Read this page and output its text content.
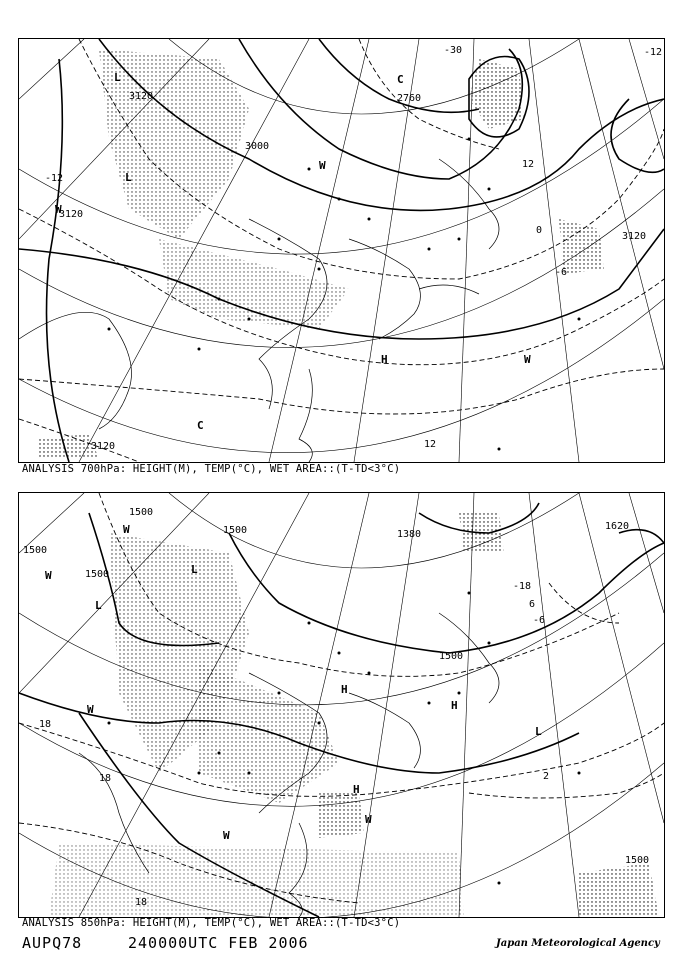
3120
3000
2760
3120
3120
3120
-30	-12
-12
-6
12
12
0
L
L
H
W
W
W
C
C
ANALYSIS 700hPa: HEIGHT(M), TEMP(°C), WET AREA::(T-TD<3°C)
1500
1500
1500
1500
1380
1620
1500
1500
18
18
18
-18
-6
2
6
L
L
L
H
H
H
W
W
W
W
W
ANALYSIS 850hPa: HEIGHT(M), TEMP(°C), WET AREA::(T-TD<3°C)
AUPQ78	240000UTC FEB 2006	Japan Meteorological Agency
